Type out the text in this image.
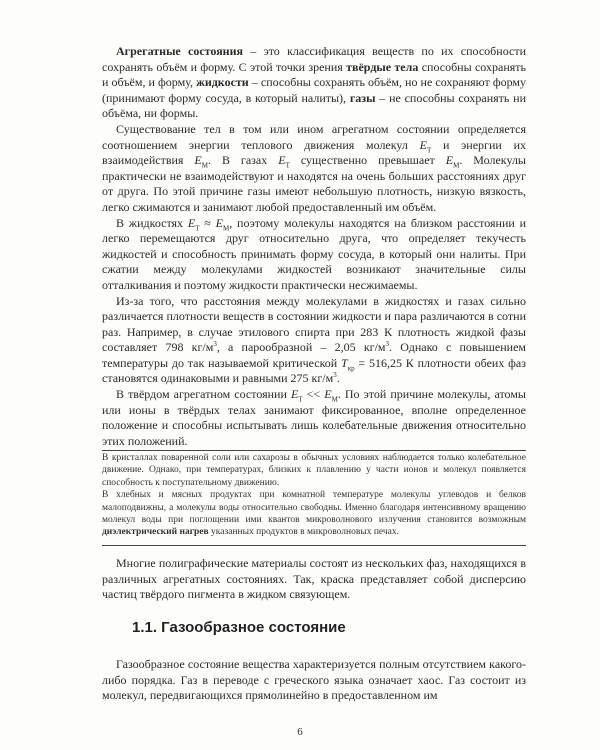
Агрегатные состояния – это классификация веществ по их способности сохранять объём и форму. С этой точки зрения твёрдые тела способны сохранять и объём, и форму, жидкости – способны сохранять объём, но не сохраняют форму (принимают форму сосуда, в который налиты), газы – не способны сохранять ни объёма, ни формы.

Существование тел в том или ином агрегатном состоянии определяется соотношением энергии теплового движения молекул $E_Т$ и энергии их взаимодействия $E_М$. В газах $E_Т$ существенно превышает $E_М$. Молекулы практически не взаимодействуют и находятся на очень больших расстояниях друг от друга. По этой причине газы имеют небольшую плотность, низкую вязкость, легко сжимаются и занимают любой предоставленный им объём.

В жидкостях $E_Т \approx E_М$, поэтому молекулы находятся на близком расстоянии и легко перемещаются друг относительно друга, что определяет текучесть жидкостей и способность принимать форму сосуда, в который они налиты. При сжатии между молекулами жидкостей возникают значительные силы отталкивания и поэтому жидкости практически несжимаемы.

Из-за того, что расстояния между молекулами в жидкостях и газах сильно различается плотности веществ в состоянии жидкости и пара различаются в сотни раз. Например, в случае этилового спирта при 283 К плотность жидкой фазы составляет 798 $кг/м^3$, а парообразной – 2,05 $кг/м^3$. Однако с повышением температуры до так называемой критической $T_{кр} = 516,25$ К плотности обеих фаз становятся одинаковыми и равными 275 $кг/м^3$.

В твёрдом агрегатном состоянии $E_Т << E_М$. По этой причине молекулы, атомы или ионы в твёрдых телах занимают фиксированное, вполне определенное положение и способны испытывать лишь колебательные движения относительно этих положений.

В кристаллах поваренной соли или сахарозы в обычных условиях наблюдается только колебательное движение. Однако, при температурах, близких к плавлению у части ионов и молекул появляется способность к поступательному движению.

В хлебных и мясных продуктах при комнатной температуре молекулы углеводов и белков малоподвижны, а молекулы воды относительно свободны. Именно благодаря интенсивному вращению молекул воды при поглощении ими квантов микроволнового излучения становится возможным диэлектрический нагрев указанных продуктов в микроволновых печах.

Многие полиграфические материалы состоят из нескольких фаз, находящихся в различных агрегатных состояниях. Так, краска представляет собой дисперсию частиц твёрдого пигмента в жидком связующем.

1.1. Газообразное состояние

Газообразное состояние вещества характеризуется полным отсутствием какого-либо порядка. Газ в переводе с греческого языка означает хаос. Газ состоит из молекул, передвигающихся прямолинейно в предоставленном им

6
